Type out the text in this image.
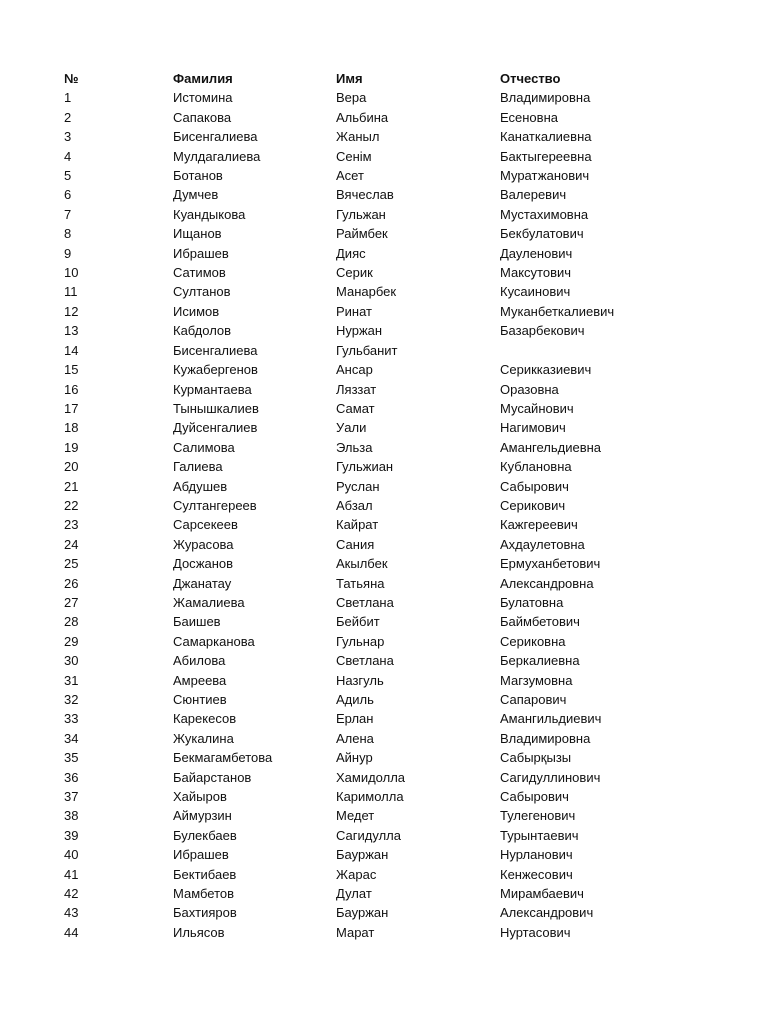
№	Фамилия	Имя	Отчество
1	Истомина	Вера	Владимировна
2	Сапакова	Альбина	Есеновна
3	Бисенгалиева	Жаныл	Канаткалиевна
4	Мулдагалиева	Сенім	Бактыгереевна
5	Ботанов	Асет	Муратжанович
6	Думчев	Вячеслав	Валеревич
7	Куандыкова	Гульжан	Мустахимовна
8	Ищанов	Раймбек	Бекбулатович
9	Ибрашев	Дияс	Дауленович
10	Сатимов	Серик	Максутович
11	Султанов	Манарбек	Кусаинович
12	Исимов	Ринат	Муканбеткалиевич
13	Кабдолов	Нуржан	Базарбекович
14	Бисенгалиева	Гульбанит	
15	Кужабергенов	Ансар	Серикказиевич
16	Курмантаева	Ляззат	Оразовна
17	Тынышкалиев	Самат	Мусайнович
18	Дуйсенгалиев	Уали	Нагимович
19	Салимова	Эльза	Амангельдиевна
20	Галиева	Гульжиан	Кублановна
21	Абдушев	Руслан	Сабырович
22	Султангереев	Абзал	Серикович
23	Сарсекеев	Кайрат	Кажгереевич
24	Журасова	Сания	Ахдаулетовна
25	Досжанов	Акылбек	Ермуханбетович
26	Джанатау	Татьяна	Александровна
27	Жамалиева	Светлана	Булатовна
28	Баишев	Бейбит	Баймбетович
29	Самарканова	Гульнар	Сериковна
30	Абилова	Светлана	Беркалиевна
31	Амреева	Назгуль	Магзумовна
32	Сюнтиев	Адиль	Сапарович
33	Карекесов	Ерлан	Амангильдиевич
34	Жукалина	Алена	Владимировна
35	Бекмагамбетова	Айнур	Сабырқызы
36	Байарстанов	Хамидолла	Сагидуллинович
37	Хайыров	Каримолла	Сабырович
38	Аймурзин	Медет	Тулегенович
39	Булекбаев	Сагидулла	Турынтаевич
40	Ибрашев	Бауржан	Нурланович
41	Бектибаев	Жарас	Кенжесович
42	Мамбетов	Дулат	Мирамбаевич
43	Бахтияров	Бауржан	Александрович
44	Ильясов	Марат	Нуртасович
